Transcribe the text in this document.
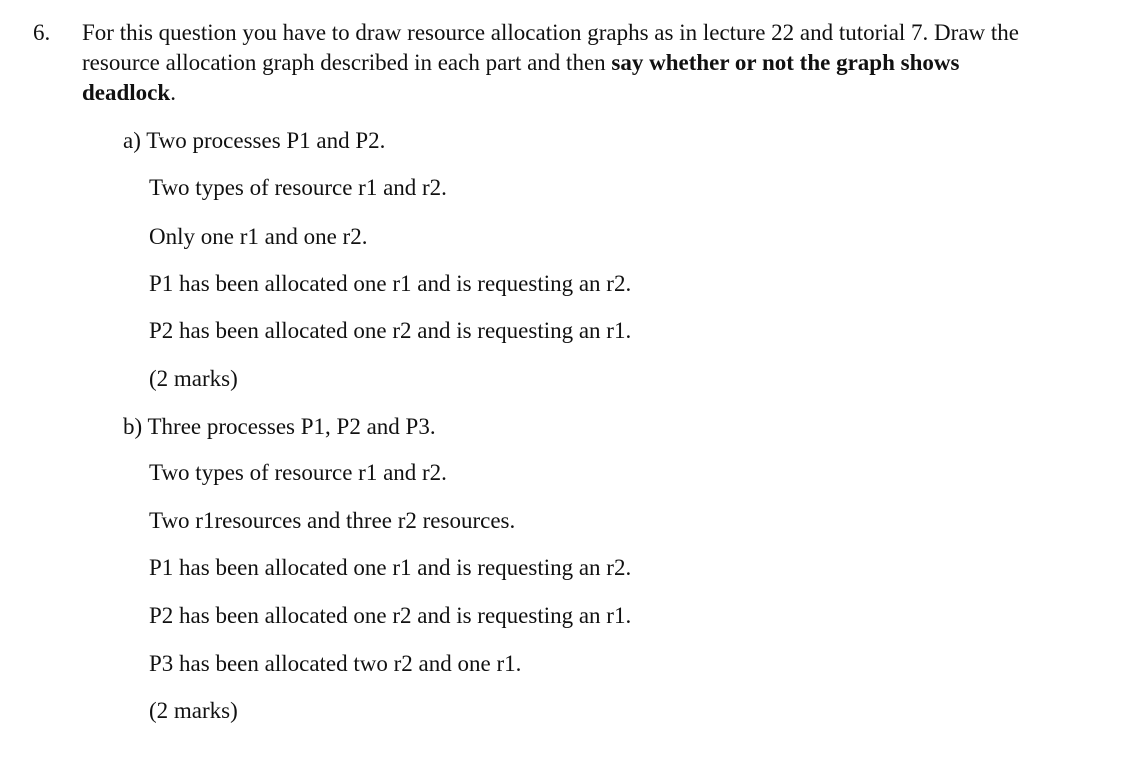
6. For this question you have to draw resource allocation graphs as in lecture 22 and tutorial 7. Draw the resource allocation graph described in each part and then say whether or not the graph shows deadlock.
a) Two processes P1 and P2.
Two types of resource r1 and r2.
Only one r1 and one r2.
P1 has been allocated one r1 and is requesting an r2.
P2 has been allocated one r2 and is requesting an r1.
(2 marks)
b) Three processes P1, P2 and P3.
Two types of resource r1 and r2.
Two r1resources and three r2 resources.
P1 has been allocated one r1 and is requesting an r2.
P2 has been allocated one r2 and is requesting an r1.
P3 has been allocated two r2 and one r1.
(2 marks)
